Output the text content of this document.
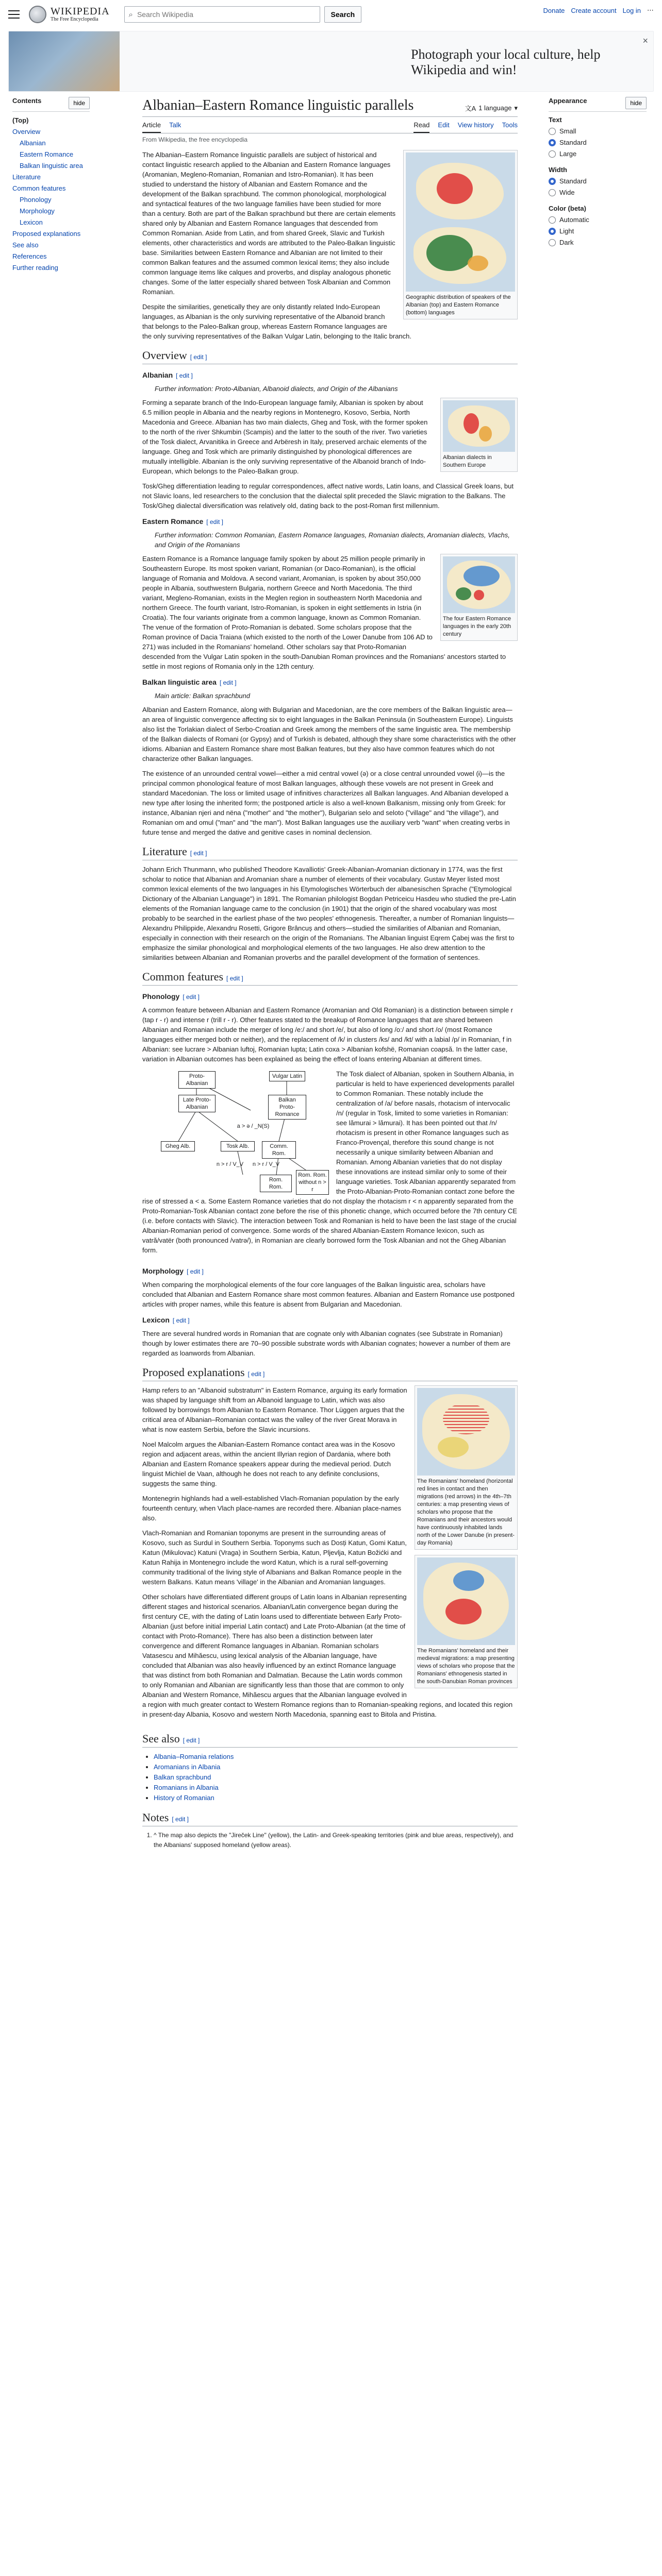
WIKIPEDIA
The Free Encyclopedia
⌕
Search Wikipedia	Search	Donate Create account Log in ⋯
Photograph your local culture, help Wikipedia and win!
×
Contents	hide
(Top)
Overview
Albanian
Eastern Romance
Balkan linguistic area
Literature
Common features
Phonology
Morphology
Lexicon
Proposed explanations
See also
References
Further reading
Albanian–Eastern Romance linguistic parallels	文A 1 language ▾
Article Talk	Read Edit View history Tools
Appearance	hide
Text
Small
Standard
Large
Width
Standard
Wide
Color (beta)
Automatic
Light
Dark
From Wikipedia, the free encyclopedia
Geographic distribution of speakers of the Albanian (top) and Eastern Romance (bottom) languages

The Albanian–Eastern Romance linguistic parallels are subject of historical and contact linguistic research applied to the Albanian and Eastern Romance languages (Aromanian, Megleno-Romanian, Romanian and Istro-Romanian). It has been studied to understand the history of Albanian and Eastern Romance and the development of the Balkan sprachbund. The common phonological, morphological and syntactical features of the two language families have been studied for more than a century. Both are part of the Balkan sprachbund but there are certain elements shared only by Albanian and Eastern Romance languages that descended from Common Romanian. Aside from Latin, and from shared Greek, Slavic and Turkish elements, other characteristics and words are attributed to the Paleo-Balkan linguistic base. Similarities between Eastern Romance and Albanian are not limited to their common Balkan features and the assumed common lexical items; they also include common language items like calques and proverbs, and display analogous phonetic changes. Some of the latter especially shared between Tosk Albanian and Common Romanian.

Despite the similarities, genetically they are only distantly related Indo-European languages, as Albanian is the only surviving representative of the Albanoid branch that belongs to the Paleo-Balkan group, whereas Eastern Romance languages are the only surviving representatives of the Balkan Vulgar Latin, belonging to the Italic branch.

Overview [ edit ]
Albanian [ edit ]
Further information: Proto-Albanian, Albanoid dialects, and Origin of the Albanians
Albanian dialects in Southern Europe

Forming a separate branch of the Indo-European language family, Albanian is spoken by about 6.5 million people in Albania and the nearby regions in Montenegro, Kosovo, Serbia, North Macedonia and Greece. Albanian has two main dialects, Gheg and Tosk, with the former spoken to the north of the river Shkumbin (Scampis) and the latter to the south of the river. Two varieties of the Tosk dialect, Arvanitika in Greece and Arbëresh in Italy, preserved archaic elements of the language. Gheg and Tosk which are primarily distinguished by phonological differences are mutually intelligible. Albanian is the only surviving representative of the Albanoid branch of Indo-European, which belongs to the Paleo-Balkan group.

Tosk/Gheg differentiation leading to regular correspondences, affect native words, Latin loans, and Classical Greek loans, but not Slavic loans, led researchers to the conclusion that the dialectal split preceded the Slavic migration to the Balkans. The Tosk/Gheg dialectal diversification was relatively old, dating back to the post-Roman first millennium.

Eastern Romance [ edit ]
Further information: Common Romanian, Eastern Romance languages, Romanian dialects, Aromanian dialects, Vlachs, and Origin of the Romanians
The four Eastern Romance languages in the early 20th century

Eastern Romance is a Romance language family spoken by about 25 million people primarily in Southeastern Europe. Its most spoken variant, Romanian (or Daco-Romanian), is the official language of Romania and Moldova. A second variant, Aromanian, is spoken by about 350,000 people in Albania, southwestern Bulgaria, northern Greece and North Macedonia. The third variant, Megleno-Romanian, exists in the Meglen region in southeastern North Macedonia and northern Greece. The fourth variant, Istro-Romanian, is spoken in eight settlements in Istria (in Croatia). The four variants originate from a common language, known as Common Romanian. The venue of the formation of Proto-Romanian is debated. Some scholars propose that the Roman province of Dacia Traiana (which existed to the north of the Lower Danube from 106 AD to 271) was included in the Romanians' homeland. Other scholars say that Proto-Romanian descended from the Vulgar Latin spoken in the south-Danubian Roman provinces and the Romanians' ancestors started to settle in most regions of Romania only in the 12th century.

Balkan linguistic area [ edit ]
Main article: Balkan sprachbund

Albanian and Eastern Romance, along with Bulgarian and Macedonian, are the core members of the Balkan linguistic area—an area of linguistic convergence affecting six to eight languages in the Balkan Peninsula (in Southeastern Europe). Linguists also list the Torlakian dialect of Serbo-Croatian and Greek among the members of the same linguistic area. The membership of the Balkan dialects of Romani (or Gypsy) and of Turkish is debated, although they share some characteristics with the other idioms. Albanian and Eastern Romance share most Balkan features, but they also have common features which do not characterize other Balkan languages.

The existence of an unrounded central vowel—either a mid central vowel (ə) or a close central unrounded vowel (ɨ)—is the principal common phonological feature of most Balkan languages, although these vowels are not present in Greek and standard Macedonian. The loss or limited usage of infinitives characterizes all Balkan languages. And Albanian developed a new type after losing the inherited form; the postponed article is also a well-known Balkanism, missing only from Greek: for instance, Albanian njeri and nëna ("mother" and "the mother"), Bulgarian selo and seloto ("village" and "the village"), and Romanian om and omul ("man" and "the man"). Most Balkan languages use the auxiliary verb "want" when creating verbs in future tense and merged the dative and genitive cases in nominal declension.

Literature [ edit ]

Johann Erich Thunmann, who published Theodore Kavalliotis' Greek-Albanian-Aromanian dictionary in 1774, was the first scholar to notice that Albanian and Aromanian share a number of elements of their vocabulary. Gustav Meyer listed most common lexical elements of the two languages in his Etymologisches Wörterbuch der albanesischen Sprache ("Etymological Dictionary of the Albanian Language") in 1891. The Romanian philologist Bogdan Petriceicu Hasdeu who studied the pre-Latin elements of the Romanian language came to the conclusion (in 1901) that the origin of the shared vocabulary was most probably to be searched in the earliest phase of the two peoples' ethnogenesis. Thereafter, a number of Romanian linguists—Alexandru Philippide, Alexandru Rosetti, Grigore Brâncuș and others—studied the similarities of Albanian and Romanian, especially in connection with their research on the origin of the Romanians. The Albanian linguist Eqrem Çabej was the first to emphasize the similar phonological and morphological elements of the two languages. He also drew attention to the similarities between Albanian and Romanian proverbs and the parallel development of the formation of sentences.

Common features [ edit ]
Phonology [ edit ]

A common feature between Albanian and Eastern Romance (Aromanian and Old Romanian) is a distinction between simple r (tap r - r) and intense r (trill r - r). Other features stated to the breakup of Romance languages that are shared between Albanian and Romanian include the merger of long /e:/ and short /e/, but also of long /o:/ and short /o/ (most Romance languages either merged both or neither), and the replacement of /k/ in clusters /ks/ and /kt/ with a labial /p/ in Romanian, f in Albanian: see lucrare > Albanian luftoj, Romanian lupta; Latin coxa > Albanian kofshë, Romanian coapsă. In the latter case, variation in Albanian outcomes has been explained as being the effect of loans entering Albanian at different times.

Proto-Albanian
Vulgar Latin
Late Proto-Albanian
Balkan Proto-Romance
a > ə / _N(S)
Gheg Alb.	Tosk Alb.	Comm. Rom.
n > r / V_V	n > r / V_V
Rom. Rom.
Rom. Rom. without n > r

The Tosk dialect of Albanian, spoken in Southern Albania, in particular is held to have experienced developments parallel to Common Romanian. These notably include the centralization of /a/ before nasals, rhotacism of intervocalic /n/ (regular in Tosk, limited to some varieties in Romanian: see lămurai > lămurai). It has been pointed out that /n/ rhotacism is present in other Romance languages such as Franco-Provençal, therefore this sound change is not necessarily a unique similarity between Albanian and Romanian. Among Albanian varieties that do not display these innovations are instead similar only to some of their language varieties. Tosk Albanian apparently separated from the Proto-Albanian-Proto-Romanian contact zone before the rise of stressed a < a. Some Eastern Romance varieties that do not display the rhotacism r < n apparently separated from the Proto-Romanian-Tosk Albanian contact zone before the rise of this phonetic change, which occurred before the 7th century CE (i.e. before contacts with Slavic). The interaction between Tosk and Romanian is held to have been the last stage of the crucial Albanian-Romanian period of convergence. Some words of the shared Albanian-Eastern Romance lexicon, such as vatră/vatër (both pronounced /vatrə/), in Romanian are clearly borrowed form the Tosk Albanian and not the Gheg Albanian form.

Morphology [ edit ]

When comparing the morphological elements of the four core languages of the Balkan linguistic area, scholars have concluded that Albanian and Eastern Romance share most common features. Albanian and Eastern Romance use postponed articles with proper names, while this feature is absent from Bulgarian and Macedonian.

Lexicon [ edit ]

There are several hundred words in Romanian that are cognate only with Albanian cognates (see Substrate in Romanian) though by lower estimates there are 70–90 possible substrate words with Albanian cognates; however a number of them are regarded as loanwords from Albanian.

Proposed explanations [ edit ]
The Romanians' homeland (horizontal red lines in contact and then migrations (red arrows) in the 4th–7th centuries: a map presenting views of scholars who propose that the Romanians and their ancestors would have continuously inhabited lands north of the Lower Danube (in present-day Romania)

Hamp refers to an "Albanoid substratum" in Eastern Romance, arguing its early formation was shaped by language shift from an Albanoid language to Latin, which was also followed by borrowings from Albanian to Eastern Romance. Thor Lüggen argues that the critical area of Albanian–Romanian contact was the valley of the river Great Morava in what is now eastern Serbia, before the Slavic incursions.

Noel Malcolm argues the Albanian-Eastern Romance contact area was in the Kosovo region and adjacent areas, within the ancient Illyrian region of Dardania, where both Albanian and Eastern Romance speakers appear during the medieval period. Dutch linguist Michiel de Vaan, although he does not reach to any definite conclusions, suggests the same thing.

Montenegrin highlands had a well-established Vlach-Romanian population by the early fourteenth century, when Vlach place-names are recorded there. Albanian place-names also.

The Romanians' homeland and their medieval migrations: a map presenting views of scholars who propose that the Romanians' ethnogenesis started in the south-Danubian Roman provinces

Vlach-Romanian and Romanian toponyms are present in the surrounding areas of Kosovo, such as Surdul in Southern Serbia. Toponyms such as Dosți Katun, Gomi Katun, Katun (Mikulovac) Katuni (Vraga) in Southern Serbia, Katun, Pljevlja, Katun Božićki and Katun Rahija in Montenegro include the word Katun, which is a rural self-governing community traditional of the living style of Albanians and Balkan Romance people in the western Balkans. Katun means 'village' in the Albanian and Aromanian languages.

Other scholars have differentiated different groups of Latin loans in Albanian representing different stages and historical scenarios. Albanian/Latin convergence began during the first century CE, with the dating of Latin loans used to differentiate between Early Proto-Albanian (just before initial imperial Latin contact) and Late Proto-Albanian (at the time of contact with Proto-Romance). There has also been a distinction between later convergence and different Romance languages in Albanian. Romanian scholars Vatasescu and Mihăescu, using lexical analysis of the Albanian language, have concluded that Albanian was also heavily influenced by an extinct Romance language that was distinct from both Romanian and Dalmatian. Because the Latin words common to only Romanian and Albanian are significantly less than those that are common to only Albanian and Western Romance, Mihăescu argues that the Albanian language evolved in a region with much greater contact to Western Romance regions than to Romanian-speaking regions, and located this region in present-day Albania, Kosovo and western North Macedonia, spanning east to Bitola and Pristina.

See also [ edit ]
• Albania–Romania relations
• Aromanians in Albania
• Balkan sprachbund
• Romanians in Albania
• History of Romanian
Notes [ edit ]
1. ^ The map also depicts the "Jireček Line" (yellow), the Latin- and Greek-speaking territories (pink and blue areas, respectively), and the Albanians' supposed homeland (yellow areas).
